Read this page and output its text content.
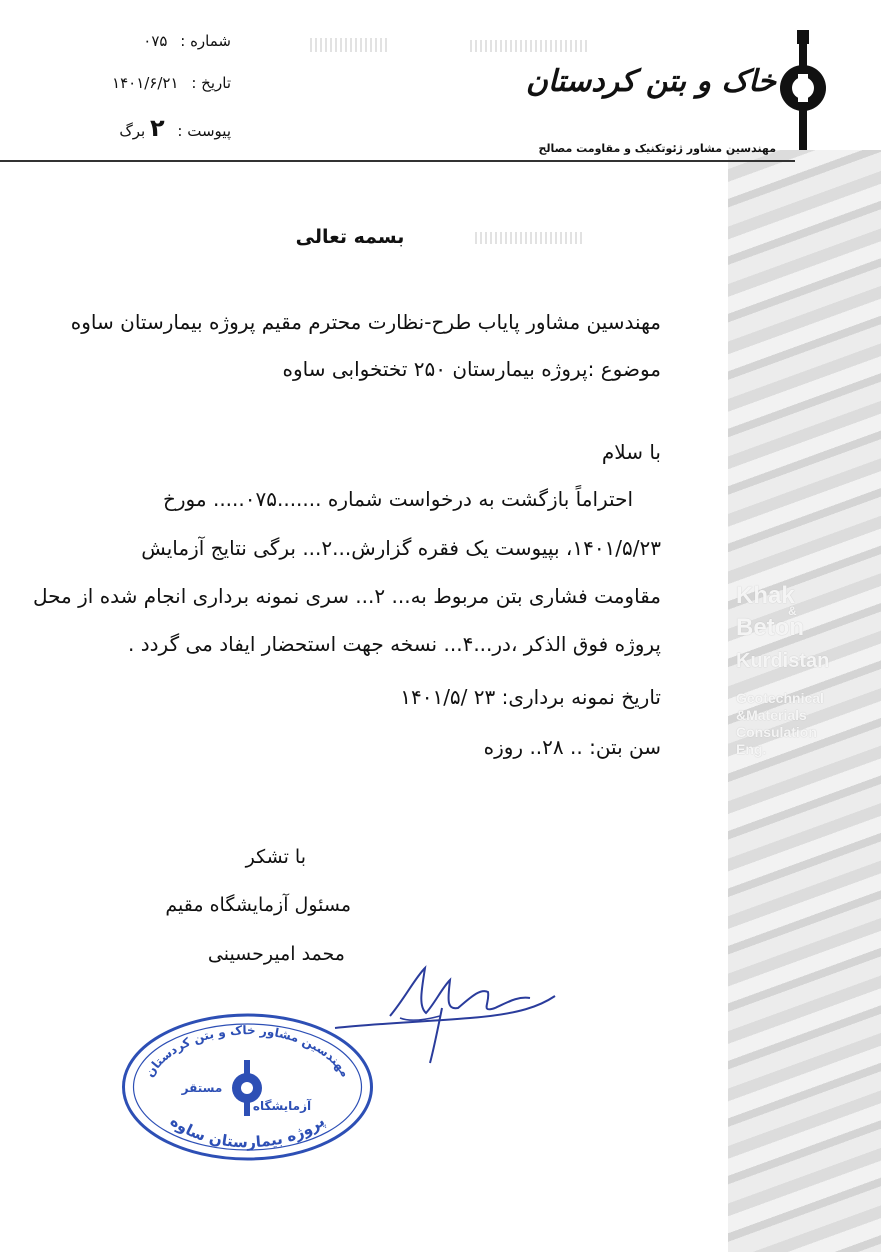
Khak
&
Beton
Kurdistan
Geotechnical
&Materials
Consulation
Eng.
شماره : ۰۷۵
تاریخ : ۱۴۰۱/۶/۲۱
پیوست : ۲ برگ
خاک و بتن کردستان
مهندسین مشاور ژئوتکنیک و مقاومت مصالح
بسمه تعالی
مهندسین مشاور پایاب طرح-نظارت محترم مقیم پروژه بیمارستان ساوه
موضوع :پروژه بیمارستان ۲۵۰ تختخوابی ساوه
با سلام
احتراماً بازگشت به درخواست شماره .......۰۷۵..... مورخ
۱۴۰۱/۵/۲۳، بپیوست یک فقره گزارش...۲... برگی نتایج آزمایش
مقاومت فشاری بتن مربوط به... ۲... سری نمونه برداری انجام شده از محل
پروژه فوق الذکر ،در...۴... نسخه جهت استحضار ایفاد می گردد .
تاریخ نمونه برداری: ۲۳ /۱۴۰۱/۵
سن بتن: .. ۲۸.. روزه
با تشکر
مسئول آزمایشگاه مقیم
محمد امیرحسینی
مهندسین مشاور خاک و بتن کردستان
پروژه بیمارستان ساوه
آزمایشگاه
مستقر
